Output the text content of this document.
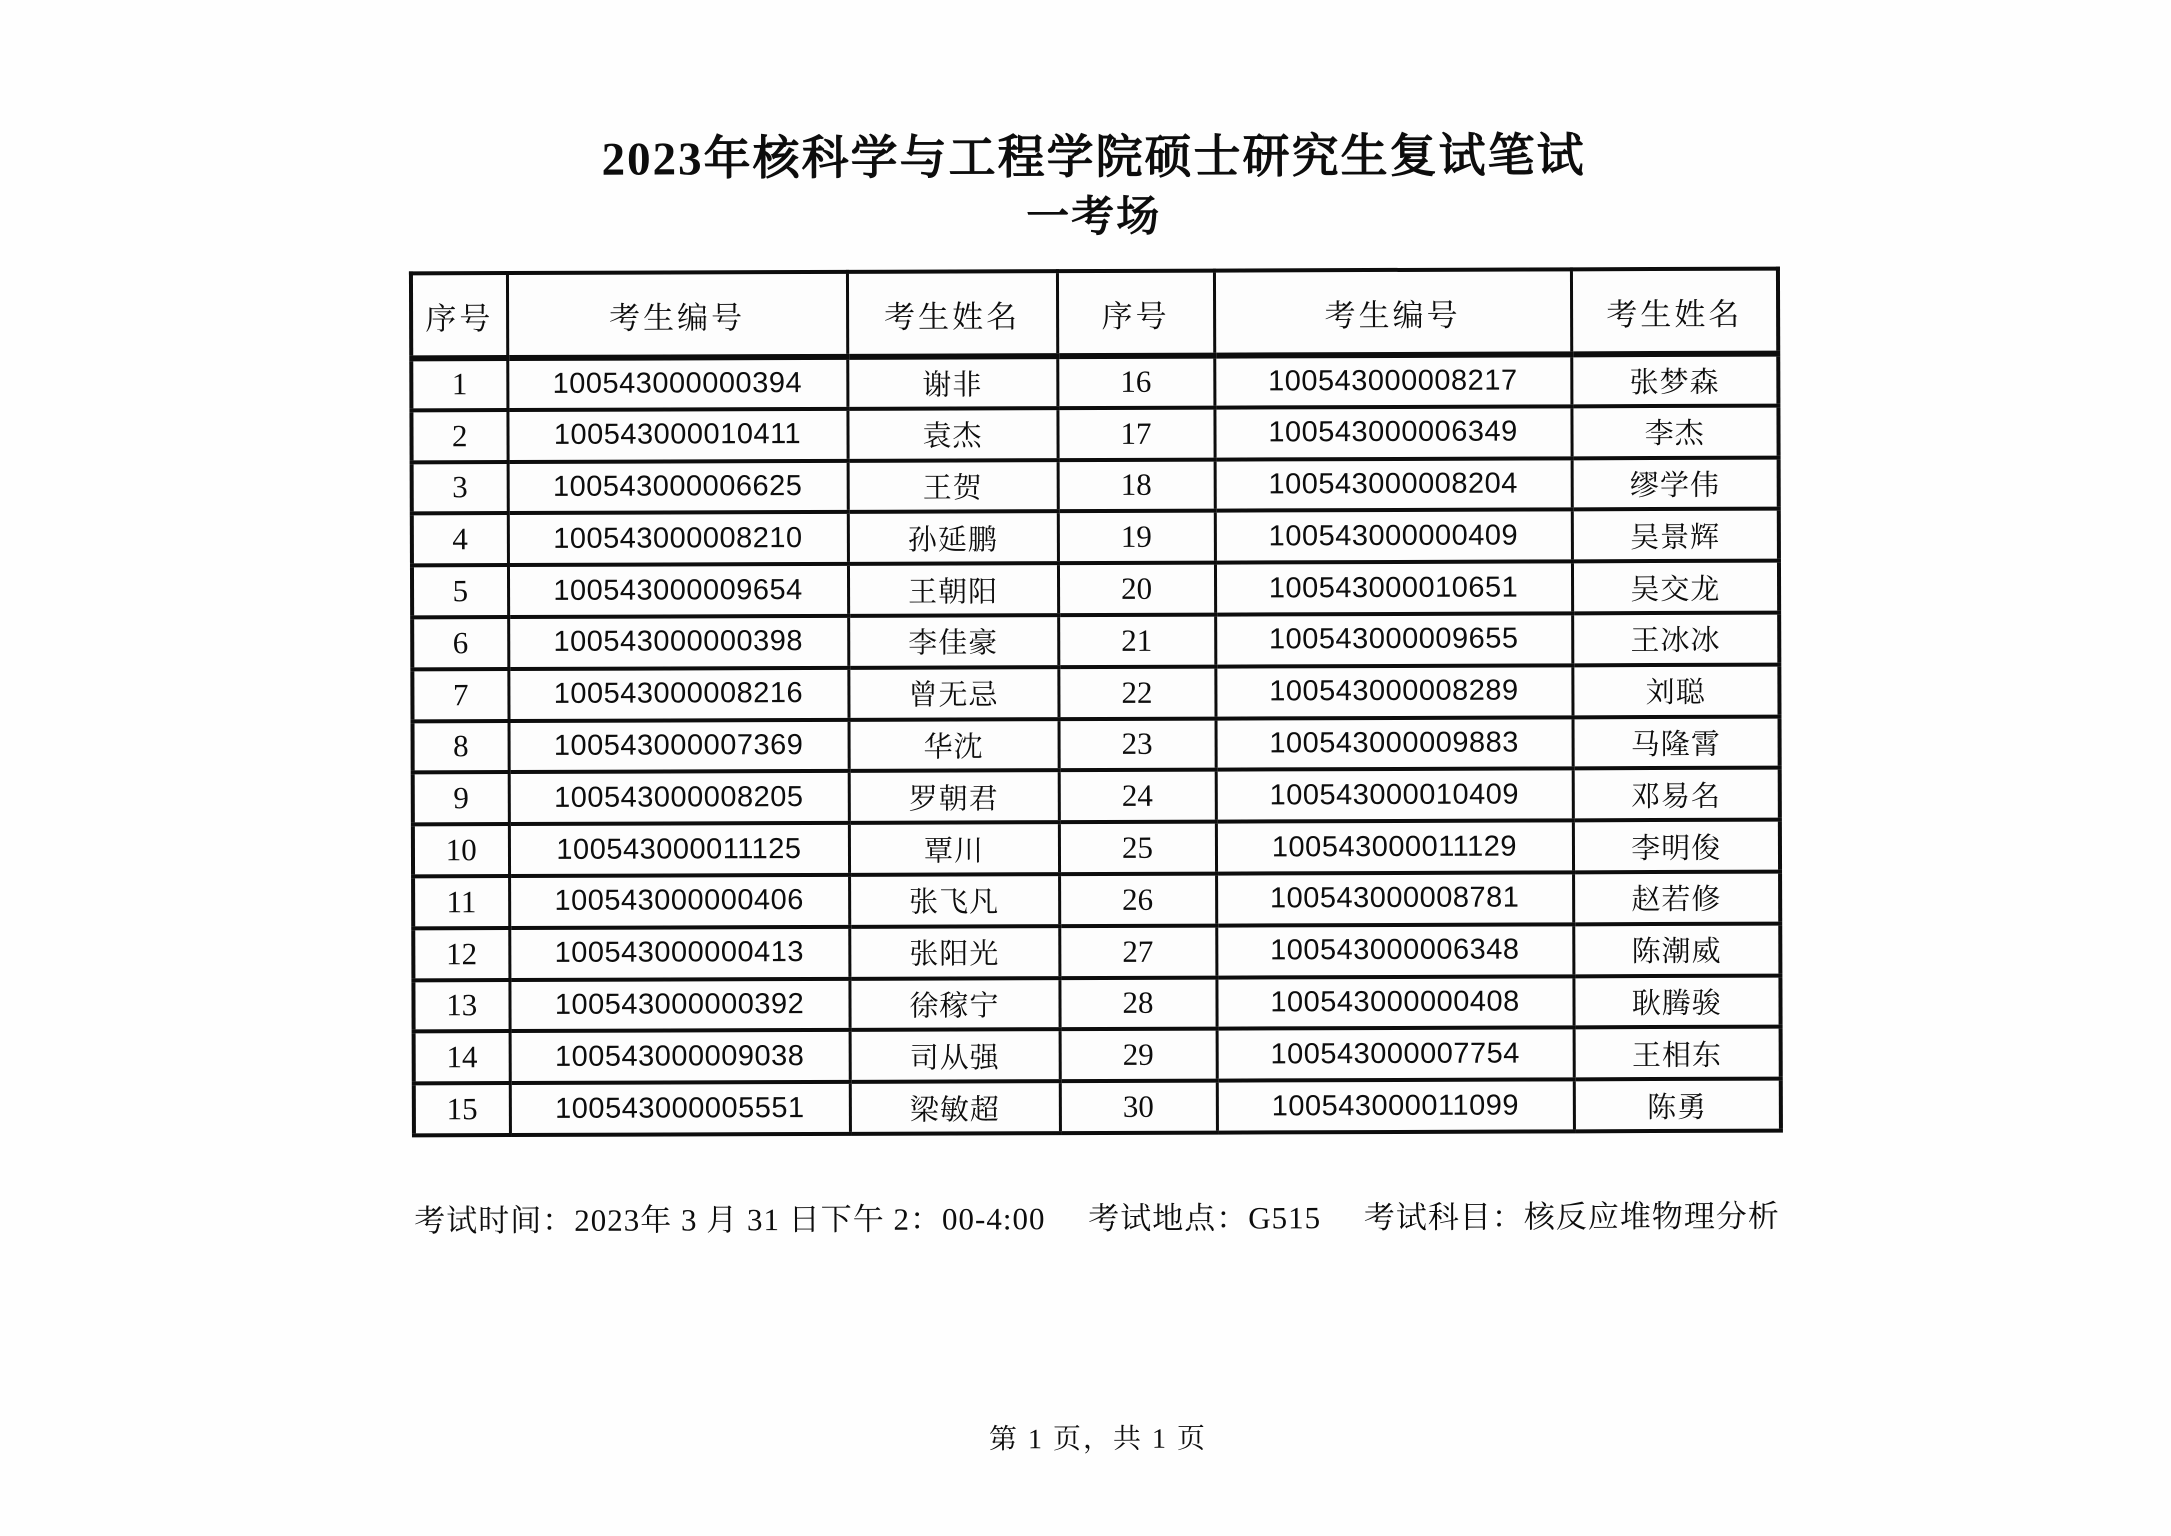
2023年核科学与工程学院硕士研究生复试笔试
一考场
序号	考生编号	考生姓名	序号	考生编号	考生姓名
1	100543000000394	谢非	16	100543000008217	张梦森
2	100543000010411	袁杰	17	100543000006349	李杰
3	100543000006625	王贺	18	100543000008204	缪学伟
4	100543000008210	孙延鹏	19	100543000000409	吴景辉
5	100543000009654	王朝阳	20	100543000010651	吴交龙
6	100543000000398	李佳豪	21	100543000009655	王冰冰
7	100543000008216	曾无忌	22	100543000008289	刘聪
8	100543000007369	华沈	23	100543000009883	马隆霄
9	100543000008205	罗朝君	24	100543000010409	邓易名
10	100543000011125	覃川	25	100543000011129	李明俊
11	100543000000406	张飞凡	26	100543000008781	赵若修
12	100543000000413	张阳光	27	100543000006348	陈潮威
13	100543000000392	徐稼宁	28	100543000000408	耿腾骏
14	100543000009038	司从强	29	100543000007754	王相东
15	100543000005551	梁敏超	30	100543000011099	陈勇

考试时间：2023年 3 月 31 日下午 2：00-4:00 考试地点：G515 考试科目：核反应堆物理分析

第 1 页，共 1 页
